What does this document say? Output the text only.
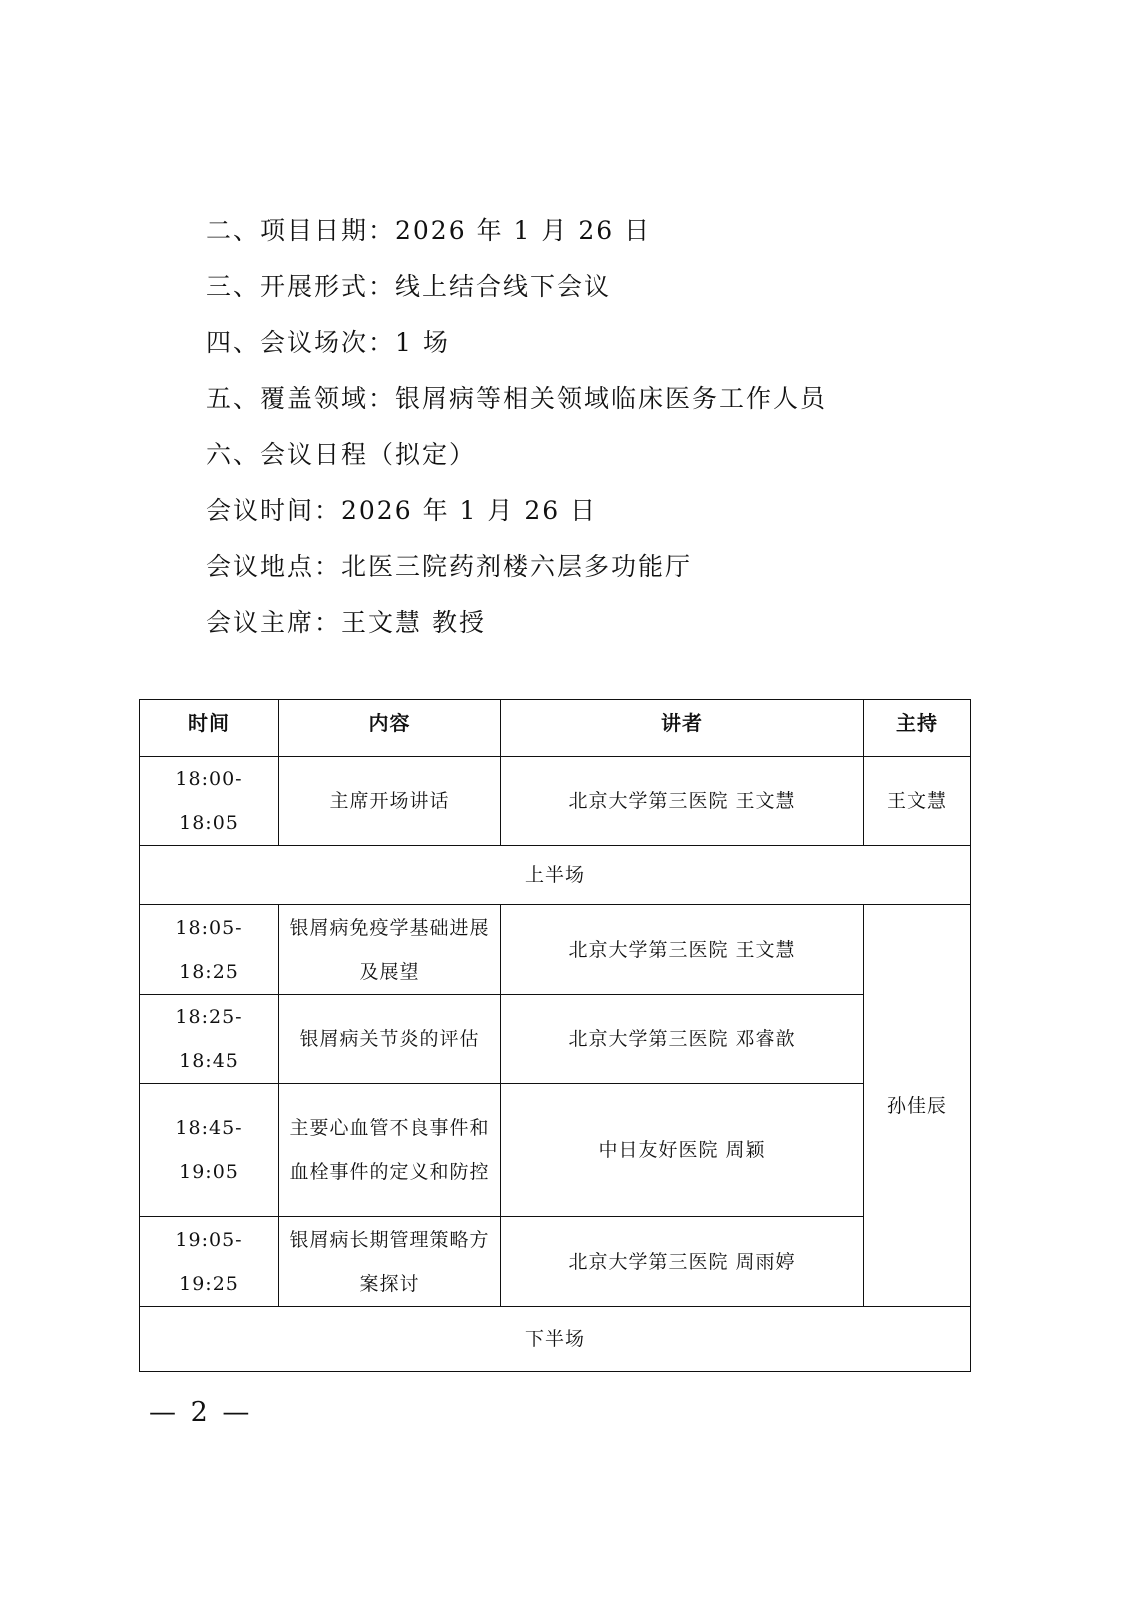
二、项目日期：2026 年 1 月 26 日
三、开展形式：线上结合线下会议
四、会议场次：1 场
五、覆盖领域：银屑病等相关领域临床医务工作人员
六、会议日程（拟定）
会议时间：2026 年 1 月 26 日
会议地点：北医三院药剂楼六层多功能厅
会议主席：王文慧 教授
时间	内容	讲者	主持
18:00-18:05	主席开场讲话	北京大学第三医院 王文慧	王文慧
上半场			
18:05-18:25	银屑病免疫学基础进展及展望	北京大学第三医院 王文慧	孙佳辰
18:25-18:45	银屑病关节炎的评估	北京大学第三医院 邓睿歆	
18:45-19:05	主要心血管不良事件和血栓事件的定义和防控	中日友好医院 周颖	
19:05-19:25	银屑病长期管理策略方案探讨	北京大学第三医院 周雨婷	
下半场			
— 2 —
